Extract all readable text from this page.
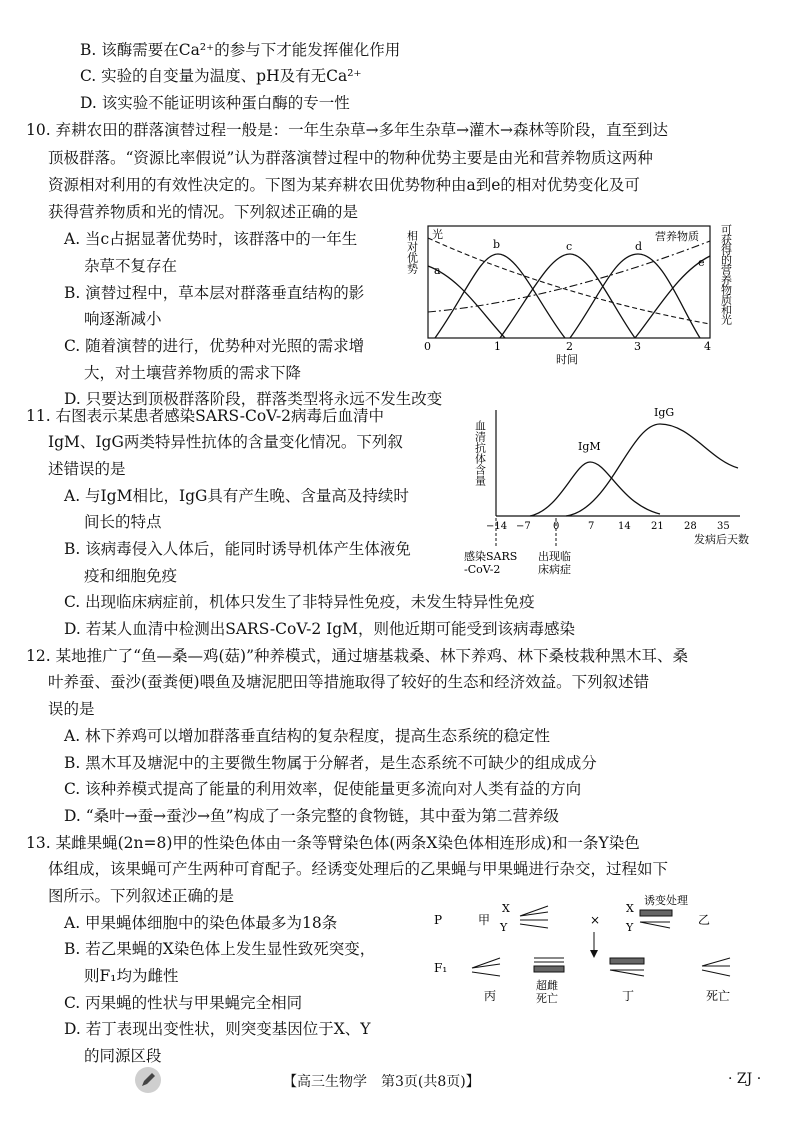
B. 该酶需要在Ca²⁺的参与下才能发挥催化作用
C. 实验的自变量为温度、pH及有无Ca²⁺
D. 该实验不能证明该种蛋白酶的专一性
10. 弃耕农田的群落演替过程一般是：一年生杂草→多年生杂草→灌木→森林等阶段，直至到达
顶极群落。“资源比率假说”认为群落演替过程中的物种优势主要是由光和营养物质这两种
资源相对利用的有效性决定的。下图为某弃耕农田优势物种由a到e的相对优势变化及可
获得营养物质和光的情况。下列叙述正确的是
A. 当c占据显著优势时，该群落中的一年生
杂草不复存在
B. 演替过程中，草本层对群落垂直结构的影
响逐渐减小
C. 随着演替的进行，优势种对光照的需求增
大，对土壤营养物质的需求下降
D. 只要达到顶极群落阶段，群落类型将永远不发生改变
相对优势 光	营养物质
a
b	c	d
e
0	1	2	3	4
时间
可获得的营养物质和光
11. 右图表示某患者感染SARS-CoV-2病毒后血清中
IgM、IgG两类特异性抗体的含量变化情况。下列叙
述错误的是
A. 与IgM相比，IgG具有产生晚、含量高及持续时
间长的特点
B. 该病毒侵入人体后，能同时诱导机体产生体液免
疫和细胞免疫
C. 出现临床病症前，机体只发生了非特异性免疫，未发生特异性免疫
D. 若某人血清中检测出SARS-CoV-2 IgM，则他近期可能受到该病毒感染
血清抗体含量	IgM
IgG
−14 −7 0	7 14 21 28 35
发病后天数
感染SARS
-CoV-2
出现临
床病症
12. 某地推广了“鱼—桑—鸡(菇)”种养模式，通过塘基栽桑、林下养鸡、林下桑枝栽种黑木耳、桑
叶养蚕、蚕沙(蚕粪便)喂鱼及塘泥肥田等措施取得了较好的生态和经济效益。下列叙述错
误的是
A. 林下养鸡可以增加群落垂直结构的复杂程度，提高生态系统的稳定性
B. 黑木耳及塘泥中的主要微生物属于分解者，是生态系统不可缺少的组成成分
C. 该种养模式提高了能量的利用效率，促使能量更多流向对人类有益的方向
D. “桑叶→蚕→蚕沙→鱼”构成了一条完整的食物链，其中蚕为第二营养级
13. 某雌果蝇(2n=8)甲的性染色体由一条等臂染色体(两条X染色体相连形成)和一条Y染色
体组成，该果蝇可产生两种可育配子。经诱变处理后的乙果蝇与甲果蝇进行杂交，过程如下
图所示。下列叙述正确的是
A. 甲果蝇体细胞中的染色体最多为18条
B. 若乙果蝇的X染色体上发生显性致死突变，
则F₁均为雌性
C. 丙果蝇的性状与甲果蝇完全相同
D. 若丁表现出变性状，则突变基因位于X、Y
的同源区段
P	甲
X
Y
×
X
Y
诱变处理
乙
F₁
丙
超雌
死亡	丁	死亡
【高三生物学　第3页(共8页)】	· ZJ ·
